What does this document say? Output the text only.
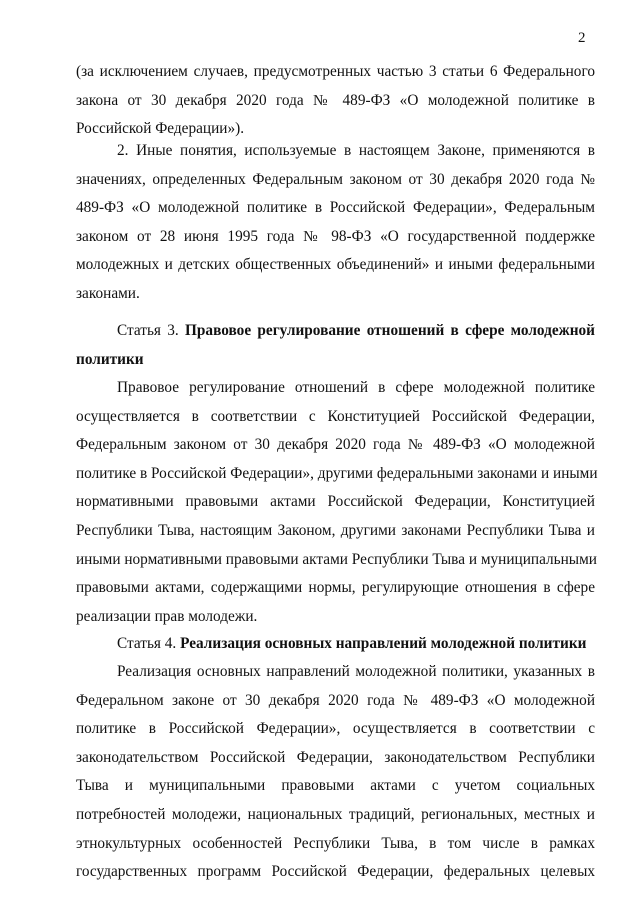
2
(за исключением случаев, предусмотренных частью 3 статьи 6 Федерального
закона от 30 декабря 2020 года № 489-ФЗ «О молодежной политике в
Российской Федерации»).
2. Иные понятия, используемые в настоящем Законе, применяются в
значениях, определенных Федеральным законом от 30 декабря 2020 года №
489-ФЗ «О молодежной политике в Российской Федерации», Федеральным
законом от 28 июня 1995 года № 98-ФЗ «О государственной поддержке
молодежных и детских общественных объединений» и иными федеральными
законами.
Статья 3. Правовое регулирование отношений в сфере молодежной
политики
Правовое регулирование отношений в сфере молодежной политике
осуществляется в соответствии с Конституцией Российской Федерации,
Федеральным законом от 30 декабря 2020 года № 489-ФЗ «О молодежной
политике в Российской Федерации», другими федеральными законами и иными
нормативными правовыми актами Российской Федерации, Конституцией
Республики Тыва, настоящим Законом, другими законами Республики Тыва и
иными нормативными правовыми актами Республики Тыва и муниципальными
правовыми актами, содержащими нормы, регулирующие отношения в сфере
реализации прав молодежи.
Статья 4. Реализация основных направлений молодежной политики
Реализация основных направлений молодежной политики, указанных в
Федеральном законе от 30 декабря 2020 года № 489-ФЗ «О молодежной
политике в Российской Федерации», осуществляется в соответствии с
законодательством Российской Федерации, законодательством Республики
Тыва и муниципальными правовыми актами с учетом социальных
потребностей молодежи, национальных традиций, региональных, местных и
этнокультурных особенностей Республики Тыва, в том числе в рамках
государственных программ Российской Федерации, федеральных целевых
